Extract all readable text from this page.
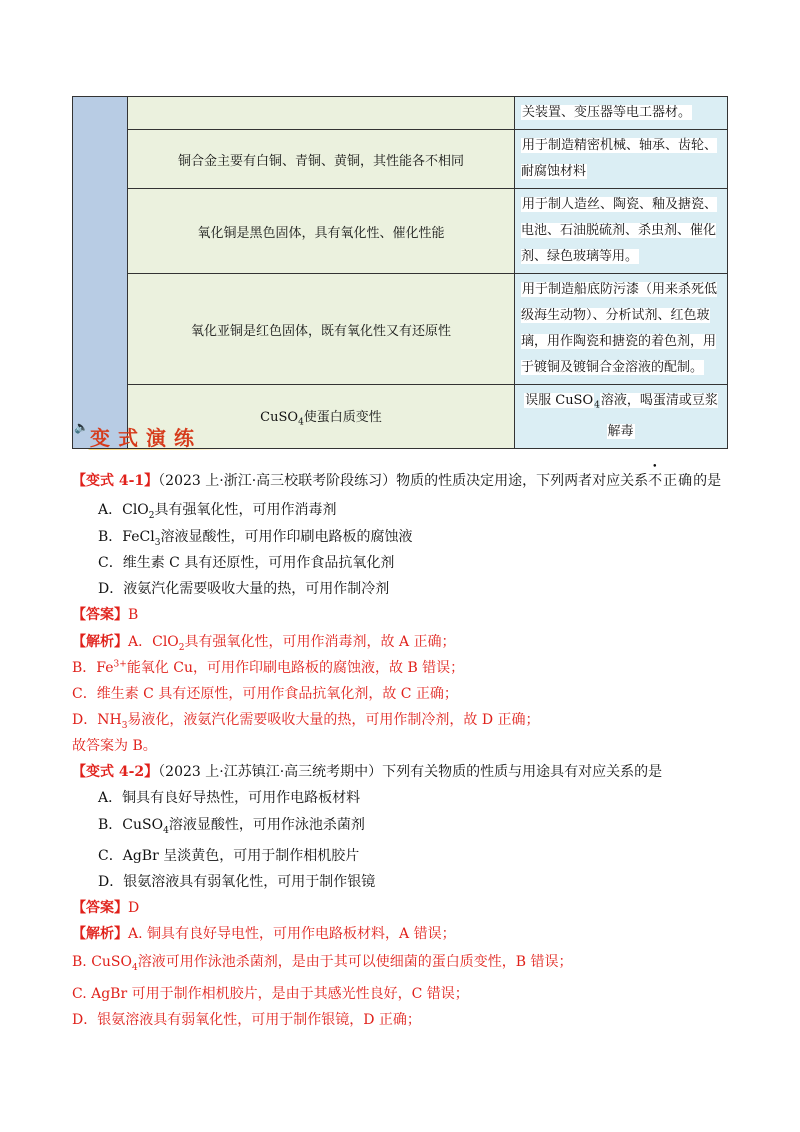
		关装置、变压器等电工器材。
	铜合金主要有白铜、青铜、黄铜，其性能各不相同	用于制造精密机械、轴承、齿轮、耐腐蚀材料
	氧化铜是黑色固体，具有氧化性、催化性能	用于制人造丝、陶瓷、釉及搪瓷、电池、石油脱硫剂、杀虫剂、催化剂、绿色玻璃等用。
	氧化亚铜是红色固体，既有氧化性又有还原性	用于制造船底防污漆（用来杀死低级海生动物）、分析试剂、红色玻璃，用作陶瓷和搪瓷的着色剂，用于镀铜及镀铜合金溶液的配制。
	CuSO$_4$使蛋白质变性	误服 CuSO$_4$溶液，喝蛋清或豆浆解毒
🔈 变式演练
【变式 4-1】（2023 上·浙江·高三校联考阶段练习）物质的性质决定用途，下列两者对应关系不正确的是
A．ClO$_2$具有强氧化性，可用作消毒剂
B．FeCl$_3$溶液显酸性，可用作印刷电路板的腐蚀液
C．维生素 C 具有还原性，可用作食品抗氧化剂
D．液氨汽化需要吸收大量的热，可用作制冷剂
【答案】B
【解析】A．ClO$_2$具有强氧化性，可用作消毒剂，故 A 正确；
B．$Fe^{3+}$能氧化 Cu，可用作印刷电路板的腐蚀液，故 B 错误；
C．维生素 C 具有还原性，可用作食品抗氧化剂，故 C 正确；
D．$NH_3$易液化，液氨汽化需要吸收大量的热，可用作制冷剂，故 D 正确；
故答案为 B。
【变式 4-2】（2023 上·江苏镇江·高三统考期中）下列有关物质的性质与用途具有对应关系的是
A．铜具有良好导热性，可用作电路板材料
B．CuSO$_4$溶液显酸性，可用作泳池杀菌剂
C．AgBr 呈淡黄色，可用于制作相机胶片
D．银氨溶液具有弱氧化性，可用于制作银镜
【答案】D
【解析】A. 铜具有良好导电性，可用作电路板材料，A 错误；
B. CuSO$_4$溶液可用作泳池杀菌剂，是由于其可以使细菌的蛋白质变性，B 错误；
C. AgBr 可用于制作相机胶片，是由于其感光性良好，C 错误；
D．银氨溶液具有弱氧化性，可用于制作银镜，D 正确；
